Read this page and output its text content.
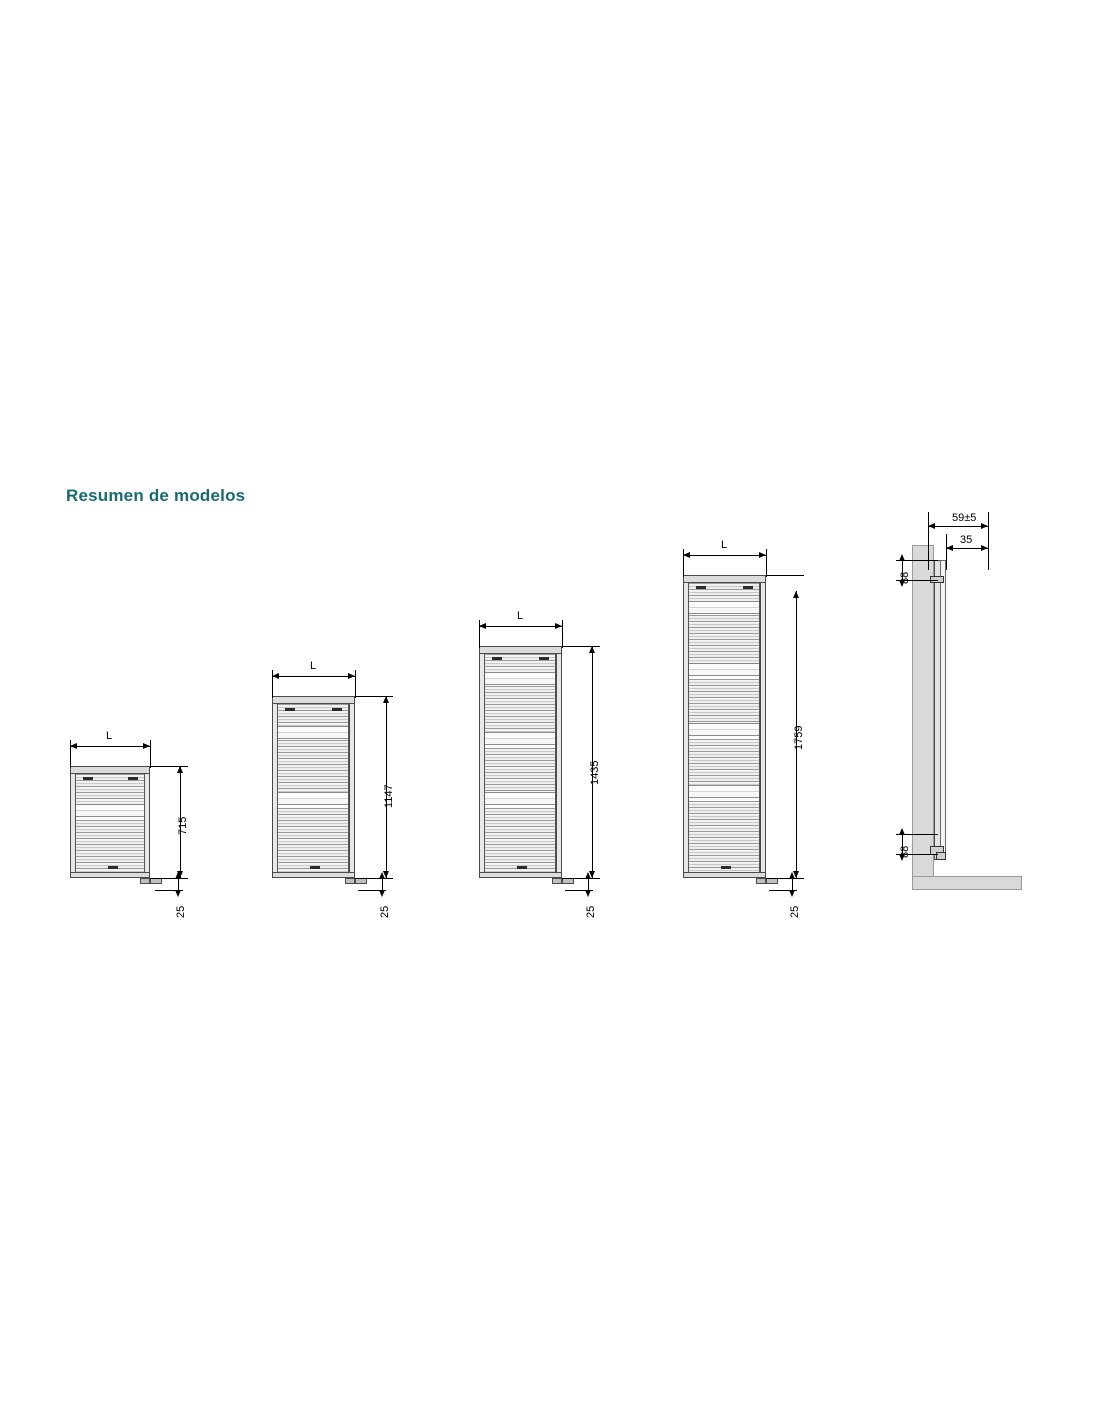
Resumen de modelos
L
715
25
L
1147
25
L
1435
25
L
1759
25
59±5
35
88
88
